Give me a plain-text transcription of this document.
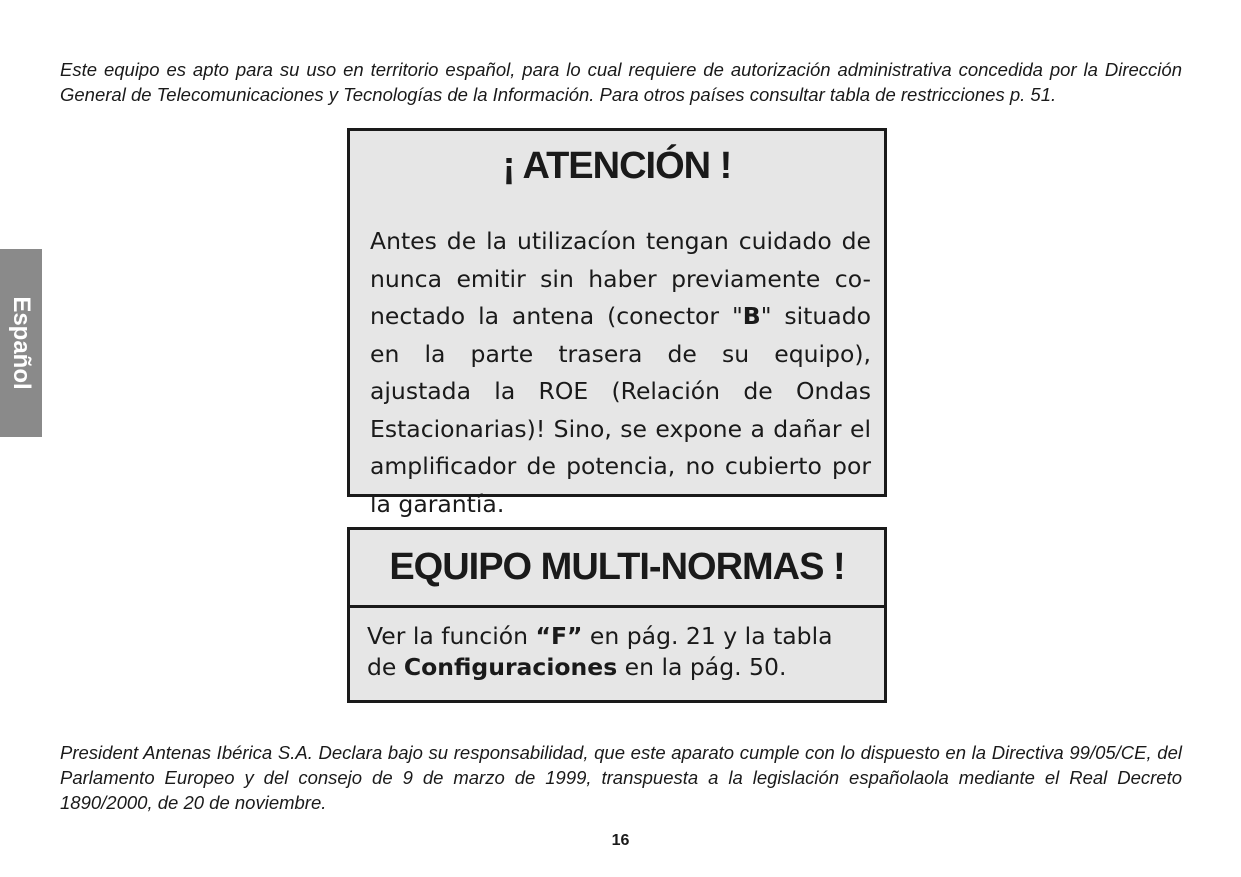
Este equipo es apto para su uso en territorio español, para lo cual requiere de autorización administrativa concedida por la Dirección General de Telecomunicaciones y Tecnologías de la Información. Para otros países consultar tabla de restricciones p. 51.

Español
¡ ATENCIÓN !

Antes de la utilizacíon tengan cuidado de nunca emitir sin haber previamente co-nectado la antena (conector "B" situado en la parte trasera de su equipo), ajustada la ROE (Relación de Ondas Estacionarias)! Sino, se expone a dañar el amplificador de potencia, no cubierto por la garantía.

EQUIPO MULTI-NORMAS !

Ver la función “F” en pág. 21 y la tabla de Configuraciones en la pág. 50.

President Antenas Ibérica S.A. Declara bajo su responsabilidad, que este aparato cumple con lo dispuesto en la Directiva 99/05/CE, del Parlamento Europeo y del consejo de 9 de marzo de 1999, transpuesta a la legislación españolaola mediante el Real Decreto 1890/2000, de 20 de noviembre.

16
